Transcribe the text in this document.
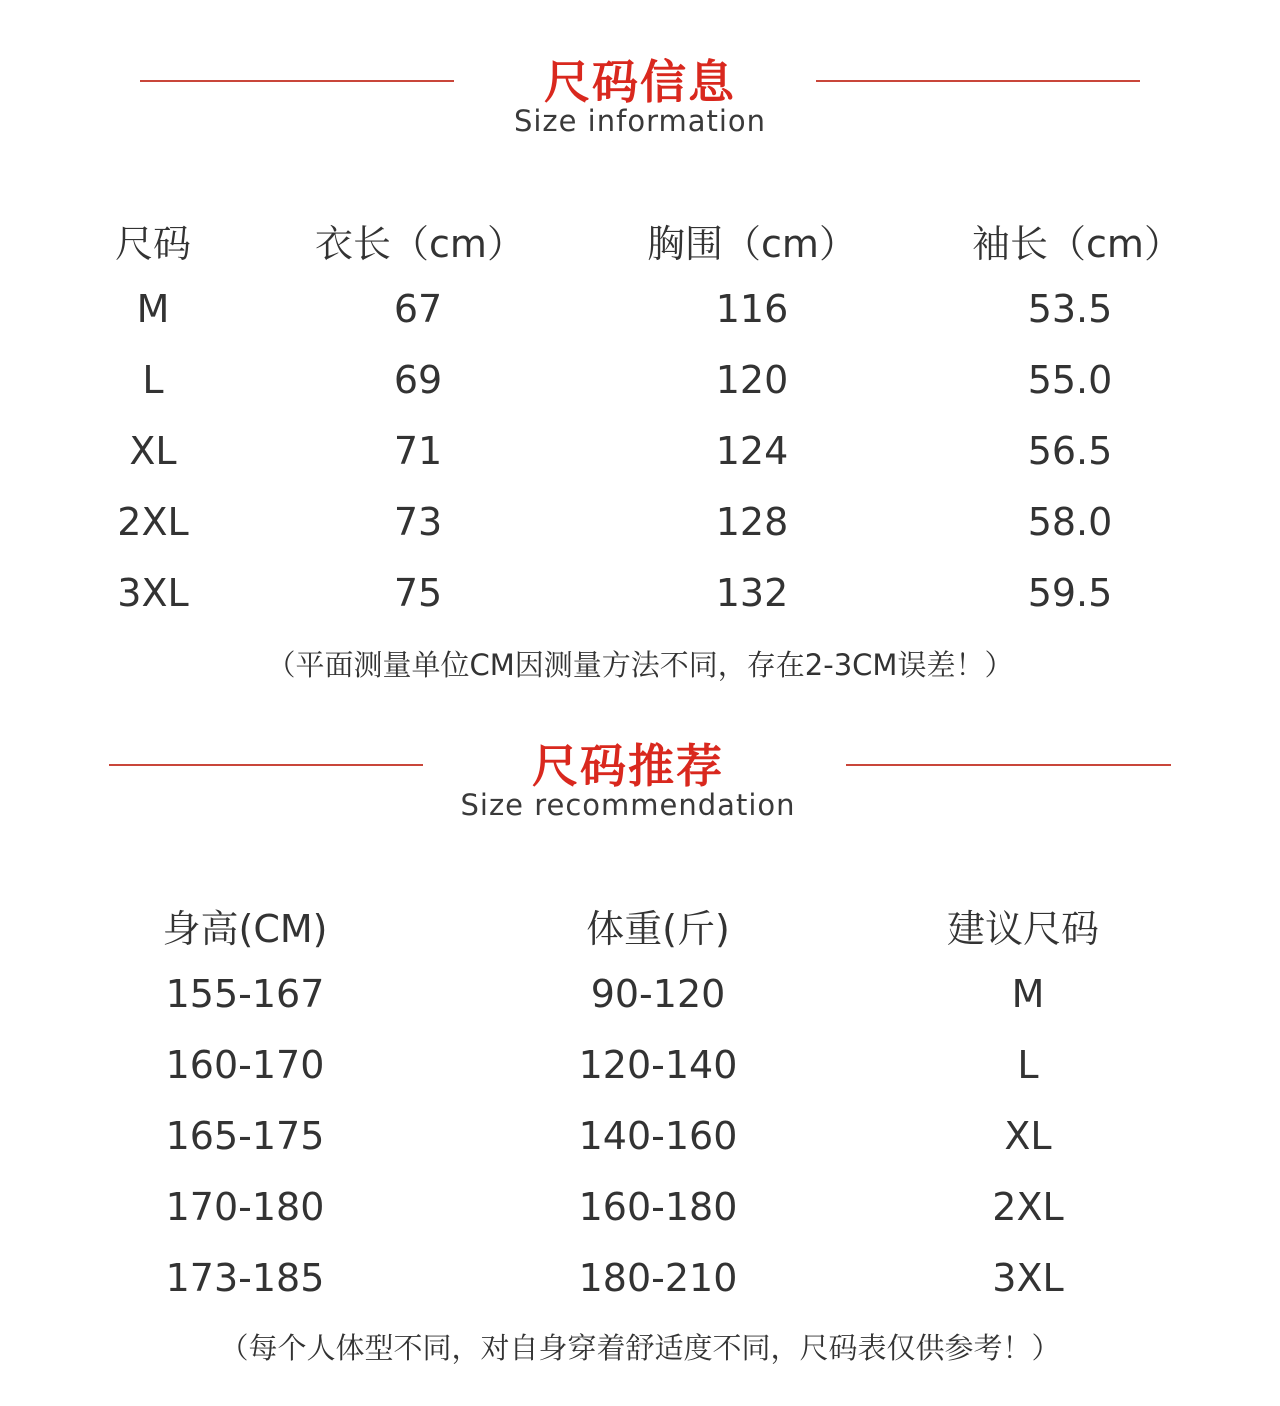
尺码信息
Size information
尺码	衣长（cm）	胸围（cm）	袖长（cm）
M	67	116	53.5
L	69	120	55.0
XL	71	124	56.5
2XL	73	128	58.0
3XL	75	132	59.5
（平面测量单位CM因测量方法不同，存在2-3CM误差！）
尺码推荐
Size recommendation
身高(CM)	体重(斤)	建议尺码
155-167	90-120	M
160-170	120-140	L
165-175	140-160	XL
170-180	160-180	2XL
173-185	180-210	3XL
（每个人体型不同，对自身穿着舒适度不同，尺码表仅供参考！）
